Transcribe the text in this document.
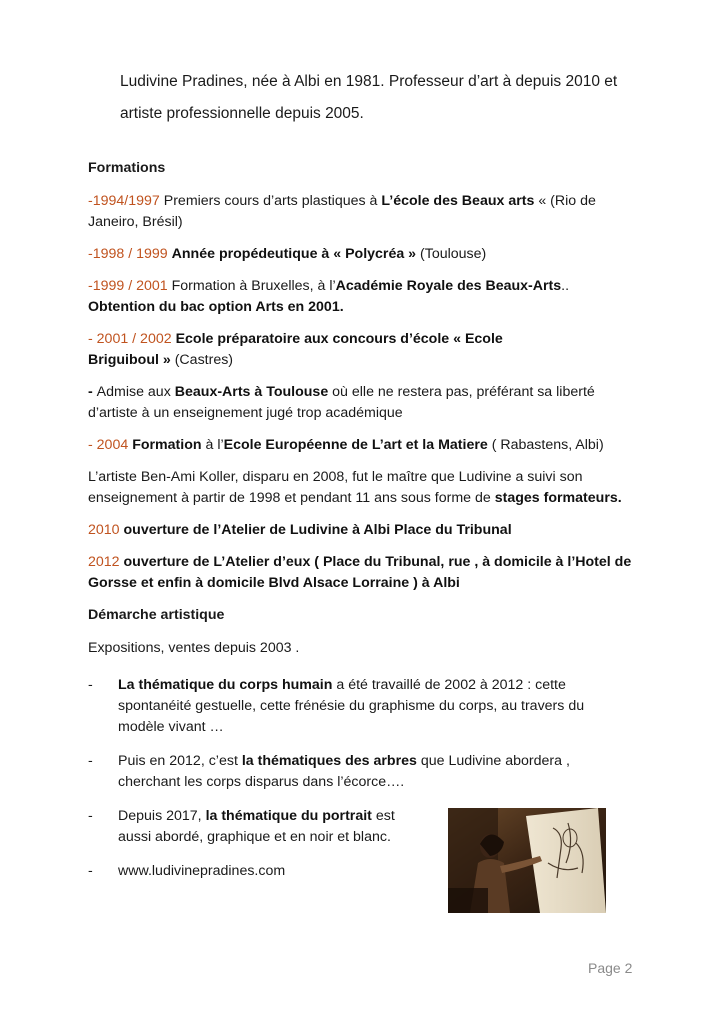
Ludivine Pradines, née à Albi en 1981. Professeur d’art à depuis 2010 et
artiste professionnelle depuis 2005.

Formations

-1994/1997 Premiers cours d’arts plastiques à L’école des Beaux arts « (Rio de Janeiro, Brésil)

-1998 / 1999 Année propédeutique à « Polycréa » (Toulouse)

-1999 / 2001 Formation à Bruxelles, à l’Académie Royale des Beaux-Arts..
Obtention du bac option Arts en 2001.

- 2001 / 2002 Ecole préparatoire aux concours d’école « Ecole Briguiboul » (Castres)

- Admise aux Beaux-Arts à Toulouse où elle ne restera pas, préférant sa liberté d’artiste à un enseignement jugé trop académique

- 2004 Formation à l’Ecole Européenne de L’art et la Matiere ( Rabastens, Albi)

L’artiste Ben-Ami Koller, disparu en 2008, fut le maître que Ludivine a suivi son enseignement à partir de 1998 et pendant 11 ans sous forme de stages formateurs.

2010 ouverture de l’Atelier de Ludivine à Albi Place du Tribunal

2012 ouverture de L’Atelier d’eux ( Place du Tribunal, rue , à domicile à l’Hotel de Gorsse et enfin à domicile Blvd Alsace Lorraine ) à Albi

Démarche artistique

Expositions, ventes depuis 2003 .

- La thématique du corps humain a été travaillé de 2002 à 2012 : cette spontanéité gestuelle, cette frénésie du graphisme du corps, au travers du modèle vivant …
- Puis en 2012, c’est la thématiques des arbres que Ludivine abordera , cherchant les corps disparus dans l’écorce….
- Depuis 2017, la thématique du portrait est aussi abordé, graphique et en noir et blanc.
- www.ludivinepradines.com
Page 2
